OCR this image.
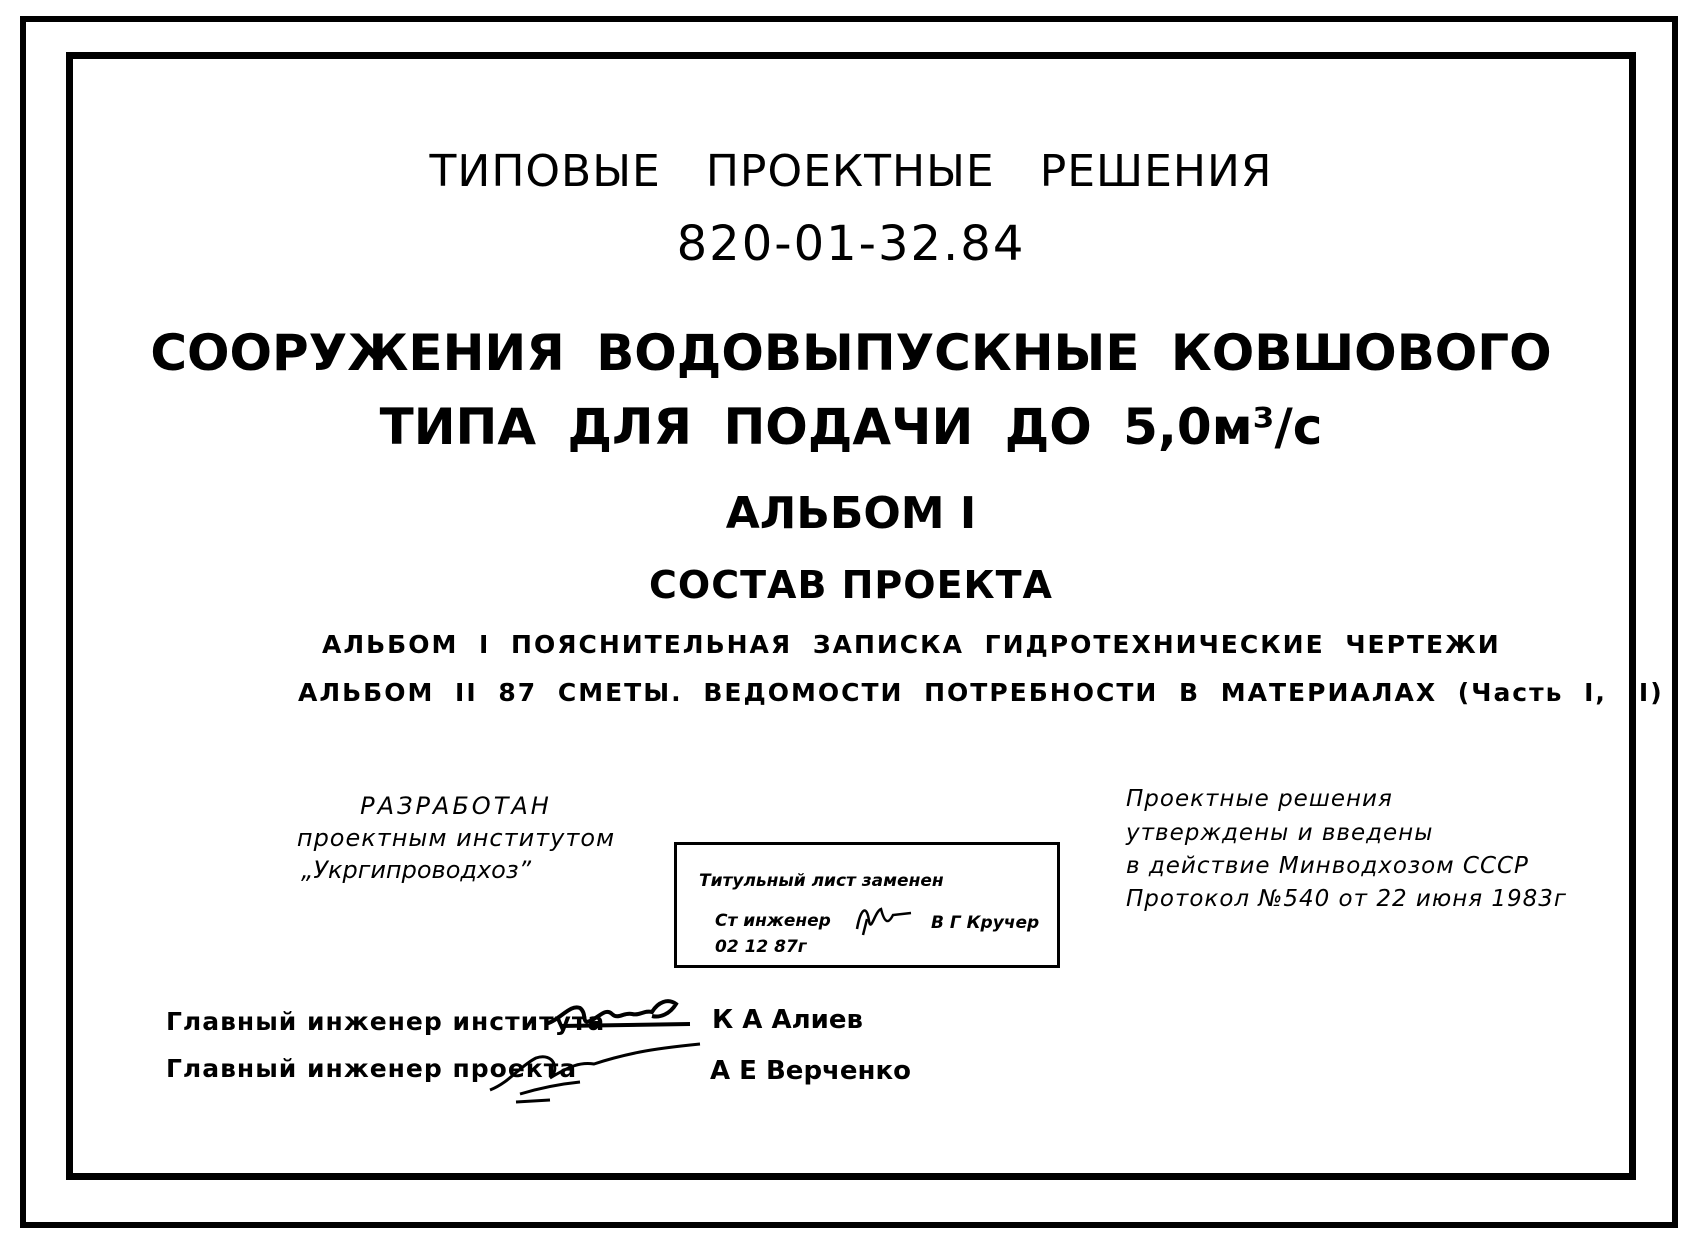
ТИПОВЫЕ ПРОЕКТНЫЕ РЕШЕНИЯ
820-01-32.84
СООРУЖЕНИЯ ВОДОВЫПУСКНЫЕ КОВШОВОГО
ТИПА ДЛЯ ПОДАЧИ ДО 5,0м³/с
АЛЬБОМ I
СОСТАВ ПРОЕКТА
АЛЬБОМ I ПОЯСНИТЕЛЬНАЯ ЗАПИСКА ГИДРОТЕХНИЧЕСКИЕ ЧЕРТЕЖИ
АЛЬБОМ II 87 СМЕТЫ. ВЕДОМОСТИ ПОТРЕБНОСТИ В МАТЕРИАЛАХ (Часть I, II)
РАЗРАБОТАН
проектным институтом
„Укргипроводхоз”
Проектные решения
утверждены и введены
в действие Минводхозом СССР
Протокол №540 от 22 июня 1983г
Титульный лист заменен
Ст инженер	В Г Кручер
02 12 87г
Главный инженер института	К А Алиев
Главный инженер проекта	А Е Верченко
